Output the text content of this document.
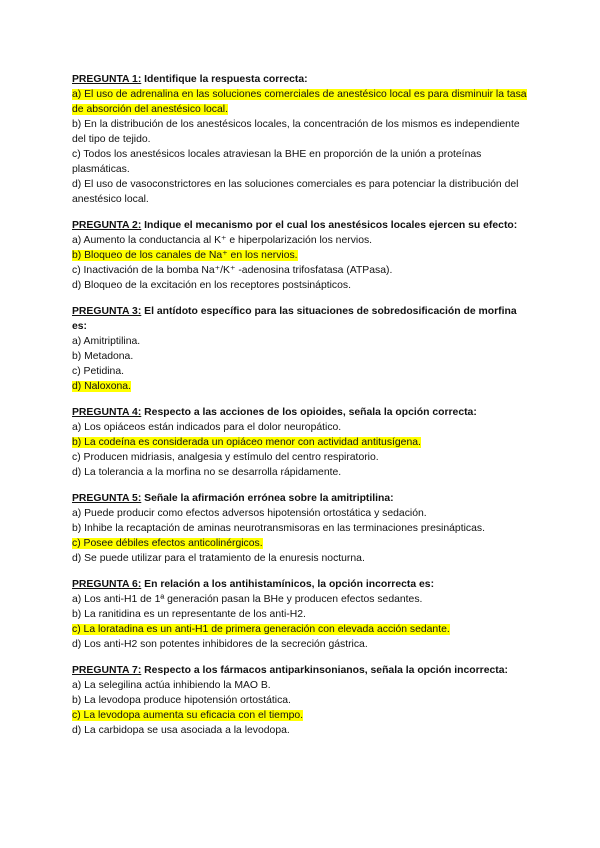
PREGUNTA 1: Identifique la respuesta correcta:

a) El uso de adrenalina en las soluciones comerciales de anestésico local es para disminuir la tasa de absorción del anestésico local.

b) En la distribución de los anestésicos locales, la concentración de los mismos es independiente del tipo de tejido.

c) Todos los anestésicos locales atraviesan la BHE en proporción de la unión a proteínas plasmáticas.

d) El uso de vasoconstrictores en las soluciones comerciales es para potenciar la distribución del anestésico local.

PREGUNTA 2: Indique el mecanismo por el cual los anestésicos locales ejercen su efecto:

a) Aumento la conductancia al K⁺ e hiperpolarización los nervios.

b) Bloqueo de los canales de Na⁺ en los nervios.

c) Inactivación de la bomba Na⁺/K⁺ -adenosina trifosfatasa (ATPasa).

d) Bloqueo de la excitación en los receptores postsinápticos.

PREGUNTA 3: El antídoto específico para las situaciones de sobredosificación de morfina es:

a) Amitriptilina.

b) Metadona.

c) Petidina.

d) Naloxona.

PREGUNTA 4: Respecto a las acciones de los opioides, señala la opción correcta:

a) Los opiáceos están indicados para el dolor neuropático.

b) La codeína es considerada un opiáceo menor con actividad antitusígena.

c) Producen midriasis, analgesia y estímulo del centro respiratorio.

d) La tolerancia a la morfina no se desarrolla rápidamente.

PREGUNTA 5: Señale la afirmación errónea sobre la amitriptilina:

a) Puede producir como efectos adversos hipotensión ortostática y sedación.

b) Inhibe la recaptación de aminas neurotransmisoras en las terminaciones presinápticas.

c) Posee débiles efectos anticolinérgicos.

d) Se puede utilizar para el tratamiento de la enuresis nocturna.

PREGUNTA 6: En relación a los antihistamínicos, la opción incorrecta es:

a) Los anti-H1 de 1ª generación pasan la BHe y producen efectos sedantes.

b) La ranitidina es un representante de los anti-H2.

c) La loratadina es un anti-H1 de primera generación con elevada acción sedante.

d) Los anti-H2 son potentes inhibidores de la secreción gástrica.

PREGUNTA 7: Respecto a los fármacos antiparkinsonianos, señala la opción incorrecta:

a) La selegilina actúa inhibiendo la MAO B.

b) La levodopa produce hipotensión ortostática.

c) La levodopa aumenta su eficacia con el tiempo.

d) La carbidopa se usa asociada a la levodopa.
